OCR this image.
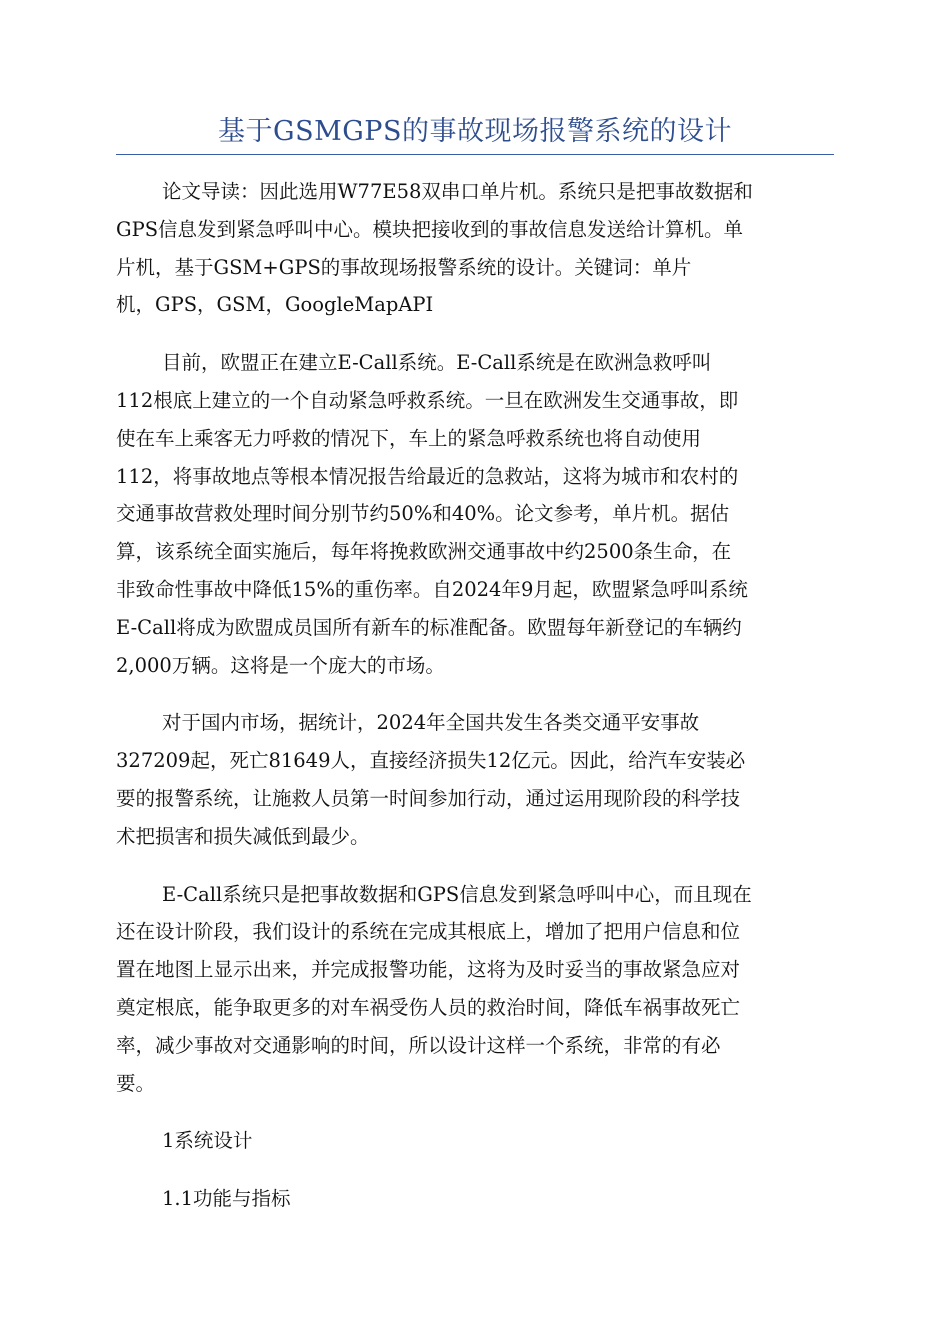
基于GSMGPS的事故现场报警系统的设计

论文导读：因此选用W77E58双串口单片机。系统只是把事故数据和
GPS信息发到紧急呼叫中心。模块把接收到的事故信息发送给计算机。单
片机，基于GSM+GPS的事故现场报警系统的设计。关键词：单片
机，GPS，GSM，GoogleMapAPI

目前，欧盟正在建立E-Call系统。E-Call系统是在欧洲急救呼叫
112根底上建立的一个自动紧急呼救系统。一旦在欧洲发生交通事故，即
使在车上乘客无力呼救的情况下，车上的紧急呼救系统也将自动使用
112，将事故地点等根本情况报告给最近的急救站，这将为城市和农村的
交通事故营救处理时间分别节约50%和40%。论文参考，单片机。据估
算，该系统全面实施后，每年将挽救欧洲交通事故中约2500条生命，在
非致命性事故中降低15%的重伤率。自2024年9月起，欧盟紧急呼叫系统
E-Call将成为欧盟成员国所有新车的标准配备。欧盟每年新登记的车辆约
2,000万辆。这将是一个庞大的市场。

对于国内市场，据统计，2024年全国共发生各类交通平安事故
327209起，死亡81649人，直接经济损失12亿元。因此，给汽车安装必
要的报警系统，让施救人员第一时间参加行动，通过运用现阶段的科学技
术把损害和损失减低到最少。

E-Call系统只是把事故数据和GPS信息发到紧急呼叫中心，而且现在
还在设计阶段，我们设计的系统在完成其根底上，增加了把用户信息和位
置在地图上显示出来，并完成报警功能，这将为及时妥当的事故紧急应对
奠定根底，能争取更多的对车祸受伤人员的救治时间，降低车祸事故死亡
率，减少事故对交通影响的时间，所以设计这样一个系统，非常的有必
要。

1系统设计
1.1功能与指标
